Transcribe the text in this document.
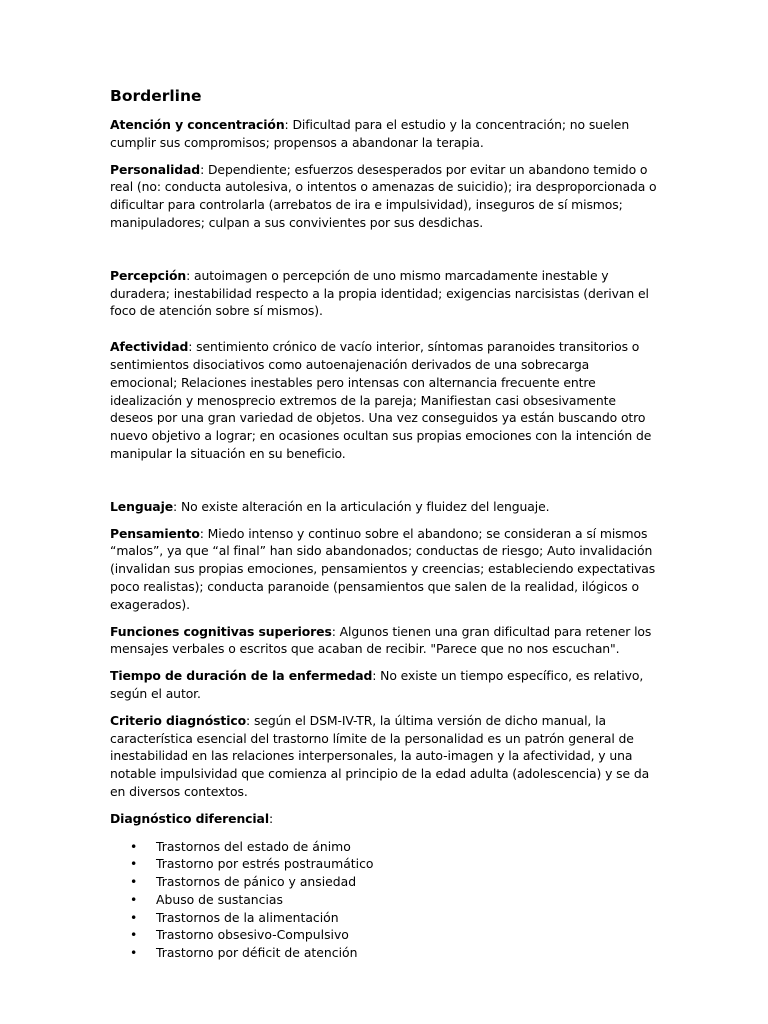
Borderline

Atención y concentración: Dificultad para el estudio y la concentración; no suelen cumplir sus compromisos; propensos a abandonar la terapia.

Personalidad: Dependiente; esfuerzos desesperados por evitar un abandono temido o real (no: conducta autolesiva, o intentos o amenazas de suicidio); ira desproporcionada o dificultar para controlarla (arrebatos de ira e impulsividad), inseguros de sí mismos; manipuladores; culpan a sus convivientes por sus desdichas.

Percepción: autoimagen o percepción de uno mismo marcadamente inestable y duradera; inestabilidad respecto a la propia identidad; exigencias narcisistas (derivan el foco de atención sobre sí mismos).

Afectividad: sentimiento crónico de vacío interior, síntomas paranoides transitorios o sentimientos disociativos como autoenajenación derivados de una sobrecarga emocional; Relaciones inestables pero intensas con alternancia frecuente entre idealización y menosprecio extremos de la pareja; Manifiestan casi obsesivamente deseos por una gran variedad de objetos. Una vez conseguidos ya están buscando otro nuevo objetivo a lograr; en ocasiones ocultan sus propias emociones con la intención de manipular la situación en su beneficio.

Lenguaje: No existe alteración en la articulación y fluidez del lenguaje.

Pensamiento: Miedo intenso y continuo sobre el abandono; se consideran a sí mismos “malos”, ya que “al final” han sido abandonados; conductas de riesgo; Auto invalidación (invalidan sus propias emociones, pensamientos y creencias; estableciendo expectativas poco realistas); conducta paranoide (pensamientos que salen de la realidad, ilógicos o exagerados).

Funciones cognitivas superiores: Algunos tienen una gran dificultad para retener los mensajes verbales o escritos que acaban de recibir. "Parece que no nos escuchan".

Tiempo de duración de la enfermedad: No existe un tiempo específico, es relativo, según el autor.

Criterio diagnóstico: según el DSM-IV-TR, la última versión de dicho manual, la característica esencial del trastorno límite de la personalidad es un patrón general de inestabilidad en las relaciones interpersonales, la auto-imagen y la afectividad, y una notable impulsividad que comienza al principio de la edad adulta (adolescencia) y se da en diversos contextos.

Diagnóstico diferencial:

• Trastornos del estado de ánimo
• Trastorno por estrés postraumático
• Trastornos de pánico y ansiedad
• Abuso de sustancias
• Trastornos de la alimentación
• Trastorno obsesivo-Compulsivo
• Trastorno por déficit de atención
